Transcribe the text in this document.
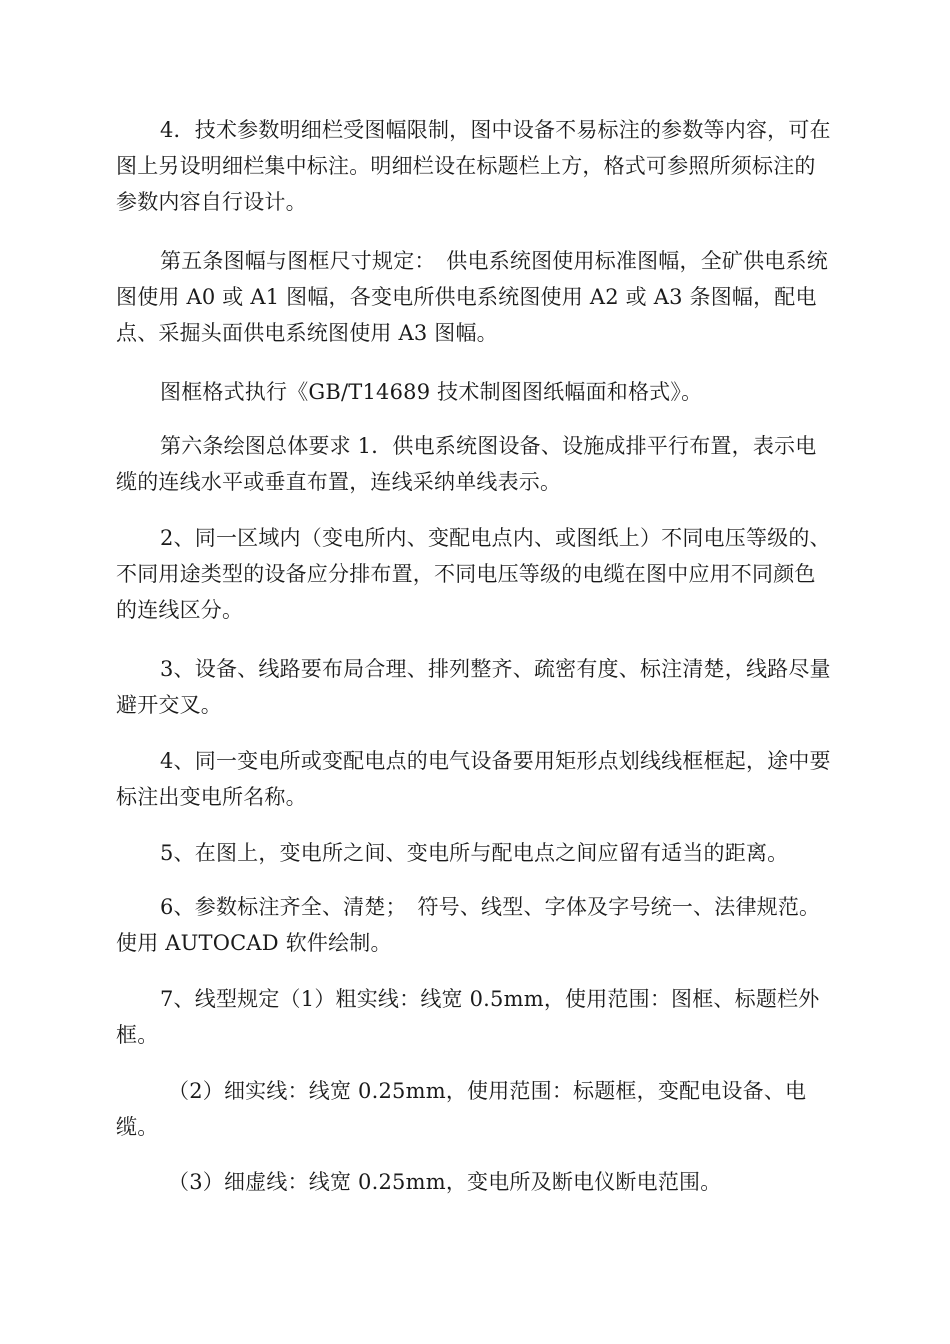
4．技术参数明细栏受图幅限制，图中设备不易标注的参数等内容，可在图上另设明细栏集中标注。明细栏设在标题栏上方，格式可参照所须标注的参数内容自行设计。

第五条图幅与图框尺寸规定：　供电系统图使用标准图幅，全矿供电系统图使用 A0 或 A1 图幅，各变电所供电系统图使用 A2 或 A3 条图幅，配电点、采掘头面供电系统图使用 A3 图幅。

图框格式执行《GB/T14689 技术制图图纸幅面和格式》。

第六条绘图总体要求 1．供电系统图设备、设施成排平行布置，表示电缆的连线水平或垂直布置，连线采纳单线表示。

2、同一区域内（变电所内、变配电点内、或图纸上）不同电压等级的、不同用途类型的设备应分排布置，不同电压等级的电缆在图中应用不同颜色的连线区分。

3、设备、线路要布局合理、排列整齐、疏密有度、标注清楚，线路尽量避开交叉。

4、同一变电所或变配电点的电气设备要用矩形点划线线框框起，途中要标注出变电所名称。

5、在图上，变电所之间、变电所与配电点之间应留有适当的距离。

6、参数标注齐全、清楚；　符号、线型、字体及字号统一、法律规范。使用 AUTOCAD 软件绘制。

7、线型规定（1）粗实线：线宽 0.5mm，使用范围：图框、标题栏外框。

（2）细实线：线宽 0.25mm，使用范围：标题框，变配电设备、电缆。

（3）细虚线：线宽 0.25mm，变电所及断电仪断电范围。
